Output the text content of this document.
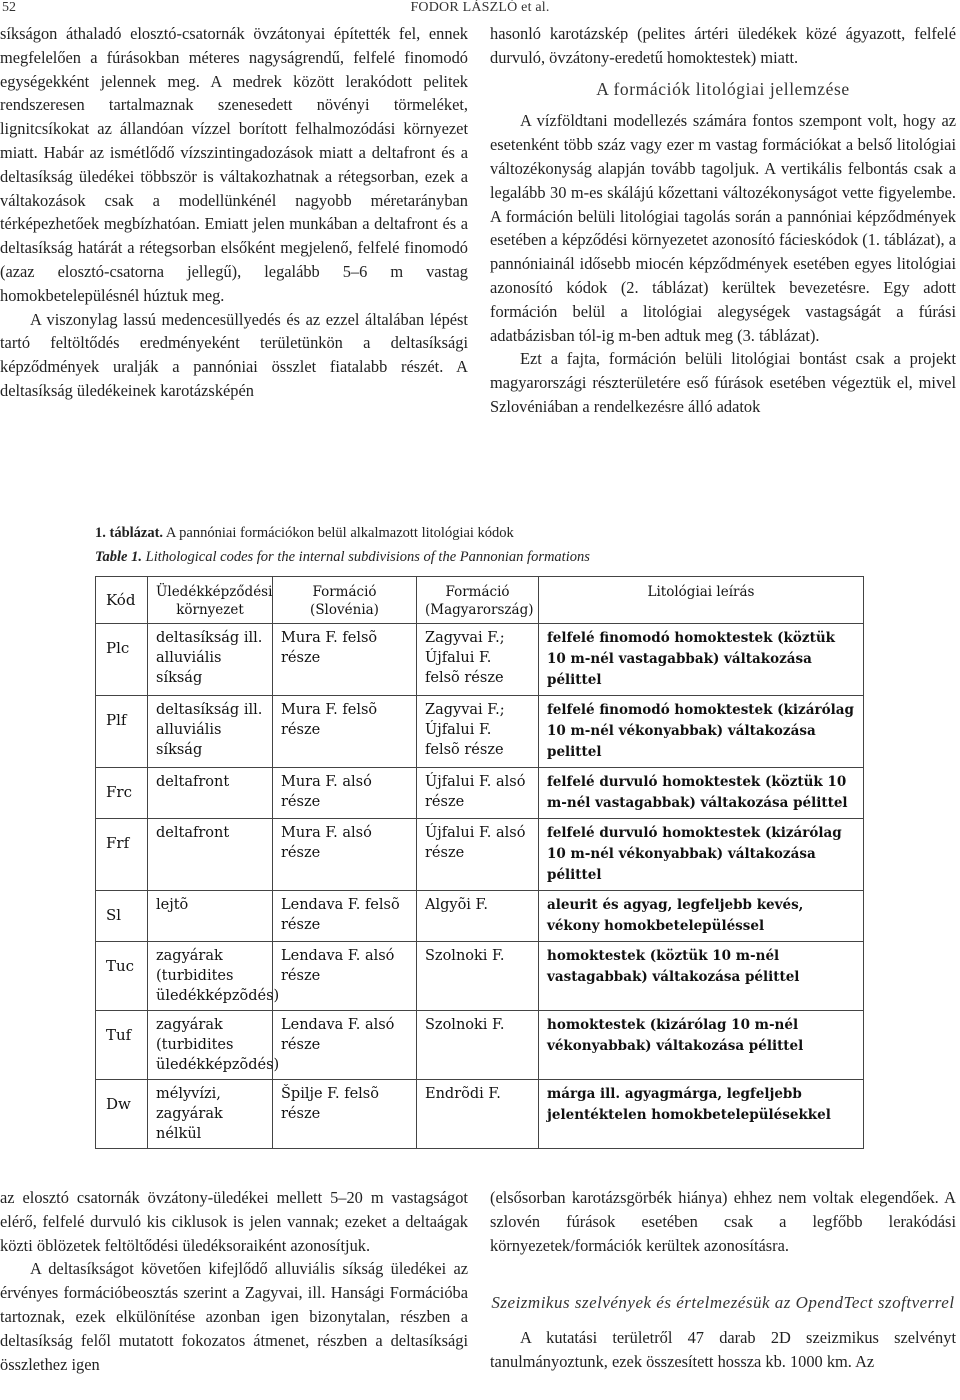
52	FODOR LÁSZLÓ et al.

síkságon áthaladó elosztó-csatornák övzátonyai építették fel, ennek megfelelően a fúrásokban méteres nagyságrendű, felfelé finomodó egységekként jelennek meg. A medrek között lerakódott pelitek rendszeresen tartalmaznak szenesedett növényi törmeléket, lignitcsíkokat az állandóan vízzel borított felhalmozódási környezet miatt. Habár az ismétlődő vízszintingadozások miatt a deltafront és a deltasíkság üledékei többször is váltakozhatnak a rétegsorban, ezek a váltakozások csak a modellünkénél nagyobb méretarányban térképezhetőek megbízhatóan. Emiatt jelen munkában a deltafront és a deltasíkság határát a rétegsorban elsőként megjelenő, felfelé finomodó (azaz elosztó-csatorna jellegű), legalább 5–6 m vastag homokbetelepülésnél húztuk meg.

A viszonylag lassú medencesüllyedés és az ezzel általában lépést tartó feltöltődés eredményeként területünkön a deltasíksági képződmények uralják a pannóniai összlet fiatalabb részét. A deltasíkság üledékeinek karotázsképén

hasonló karotázskép (pelites ártéri üledékek közé ágyazott, felfelé durvuló, övzátony-eredetű homoktestek) miatt.

A formációk litológiai jellemzése

A vízföldtani modellezés számára fontos szempont volt, hogy az esetenként több száz vagy ezer m vastag formációkat a belső litológiai változékonyság alapján tovább tagoljuk. A vertikális felbontás csak a legalább 30 m-es skálájú kőzettani változékonyságot vette figyelembe. A formáción belüli litológiai tagolás során a pannóniai képződmények esetében a képződési környezetet azonosító fácieskódok (1. táblázat), a pannóniainál idősebb miocén képződmények esetében egyes litológiai azonosító kódok (2. táblázat) kerültek bevezetésre. Egy adott formáción belül a litológiai alegységek vastagságát a fúrási adatbázisban tól-ig m-ben adtuk meg (3. táblázat).

Ezt a fajta, formáción belüli litológiai bontást csak a projekt magyarországi részterületére eső fúrások esetében végeztük el, mivel Szlovéniában a rendelkezésre álló adatok

1. táblázat. A pannóniai formációkon belül alkalmazott litológiai kódok
Table 1. Lithological codes for the internal subdivisions of the Pannonian formations
Kód	Üledékképződési környezet	Formáció (Slovénia)	Formáció (Magyarország)	Litológiai leírás
Plc	deltasíkság ill. alluviális síkság	Mura F. felsõ része	Zagyvai F.; Újfalui F. felsõ része	felfelé finomodó homoktestek (köztük 10 m-nél vastagabbak) váltakozása pélittel
Plf	deltasíkság ill. alluviális síkság	Mura F. felsõ része	Zagyvai F.; Újfalui F. felsõ része	felfelé finomodó homoktestek (kizárólag 10 m-nél vékonyabbak) váltakozása pelittel
Frc	deltafront	Mura F. alsó része	Újfalui F. alsó része	felfelé durvuló homoktestek (köztük 10 m-nél vastagabbak) váltakozása pélittel
Frf	deltafront	Mura F. alsó része	Újfalui F. alsó része	felfelé durvuló homoktestek (kizárólag 10 m-nél vékonyabbak) váltakozása pélittel
Sl	lejtõ	Lendava F. felsõ része	Algyõi F.	aleurit és agyag, legfeljebb kevés, vékony homokbetelepüléssel
Tuc	zagyárak (turbidites üledékképzõdés)	Lendava F. alsó része	Szolnoki F.	homoktestek (köztük 10 m-nél vastagabbak) váltakozása pélittel
Tuf	zagyárak (turbidites üledékképzõdés)	Lendava F. alsó része	Szolnoki F.	homoktestek (kizárólag 10 m-nél vékonyabbak) váltakozása pélittel
Dw	mélyvízi, zagyárak nélkül	Špilje F. felsõ része	Endrõdi F.	márga ill. agyagmárga, legfeljebb jelentéktelen homokbetelepülésekkel

az elosztó csatornák övzátony-üledékei mellett 5–20 m vastagságot elérő, felfelé durvuló kis ciklusok is jelen vannak; ezeket a deltaágak közti öblözetek feltöltődési üledéksoraiként azonosítjuk.

A deltasíkságot követően kifejlődő alluviális síkság üledékei az érvényes formációbeosztás szerint a Zagyvai, ill. Hansági Formációba tartoznak, ezek elkülönítése azonban igen bizonytalan, részben a deltasíkság felől mutatott fokozatos átmenet, részben a deltasíksági összlethez igen

(elsősorban karotázsgörbék hiánya) ehhez nem voltak elegendőek. A szlovén fúrások esetében csak a legfőbb lerakódási környezetek/formációk kerültek azonosításra.

Szeizmikus szelvények és értelmezésük az OpendTect szoftverrel

A kutatási területről 47 darab 2D szeizmikus szelvényt tanulmányoztunk, ezek összesített hossza kb. 1000 km. Az
